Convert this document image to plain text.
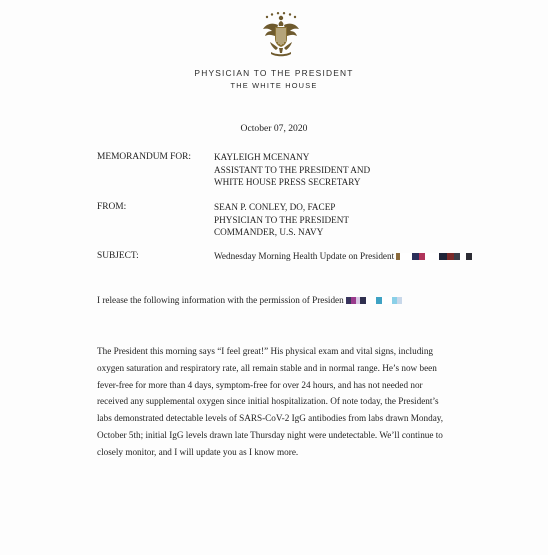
PHYSICIAN TO THE PRESIDENT
THE WHITE HOUSE
October 07, 2020
MEMORANDUM FOR: KAYLEIGH MCENANY
ASSISTANT TO THE PRESIDENT AND
WHITE HOUSE PRESS SECRETARY
FROM:	SEAN P. CONLEY, DO, FACEP
PHYSICIAN TO THE PRESIDENT
COMMANDER, U.S. NAVY
SUBJECT:	Wednesday Morning Health Update on President
I release the following information with the permission of Presiden
The President this morning says “I feel great!” His physical exam and vital signs, including
oxygen saturation and respiratory rate, all remain stable and in normal range. He’s now been
fever-free for more than 4 days, symptom-free for over 24 hours, and has not needed nor
received any supplemental oxygen since initial hospitalization. Of note today, the President’s
labs demonstrated detectable levels of SARS-CoV-2 IgG antibodies from labs drawn Monday,
October 5th; initial IgG levels drawn late Thursday night were undetectable. We’ll continue to
closely monitor, and I will update you as I know more.
